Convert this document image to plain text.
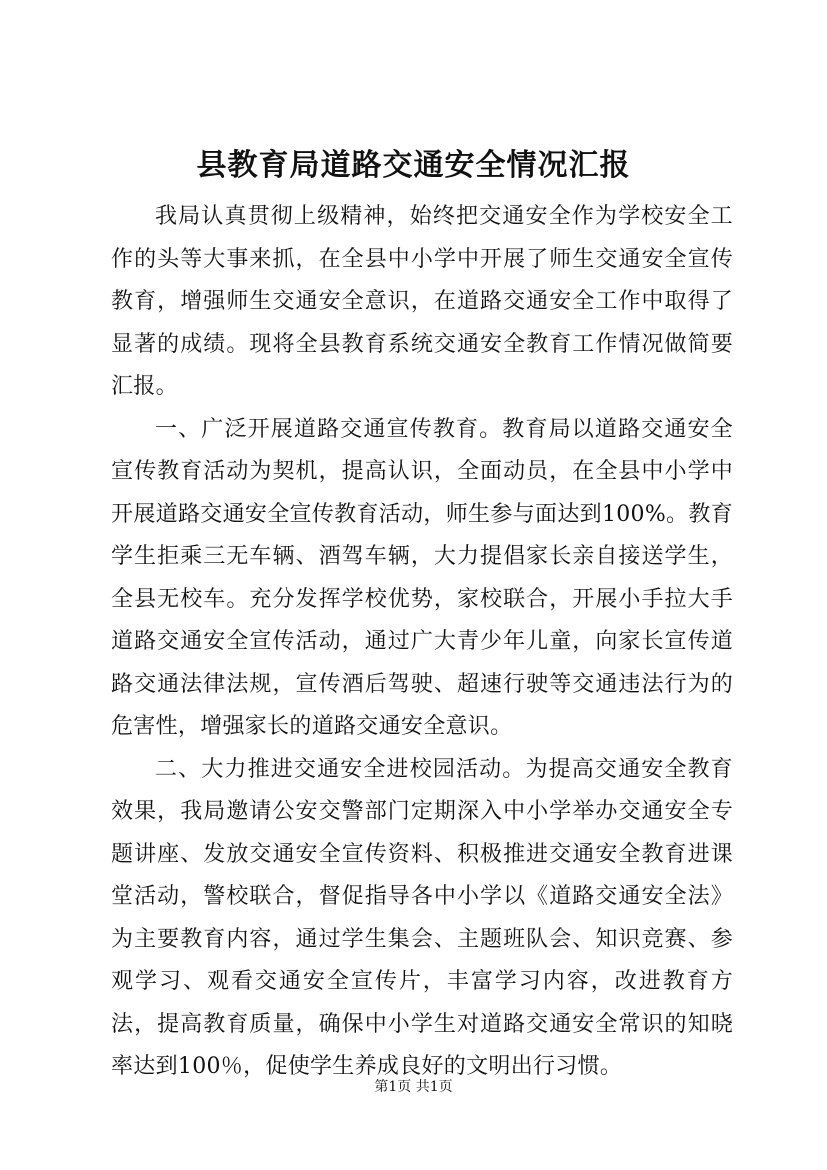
县教育局道路交通安全情况汇报

我局认真贯彻上级精神，始终把交通安全作为学校安全工作的头等大事来抓，在全县中小学中开展了师生交通安全宣传教育，增强师生交通安全意识，在道路交通安全工作中取得了显著的成绩。现将全县教育系统交通安全教育工作情况做简要汇报。

一、广泛开展道路交通宣传教育。教育局以道路交通安全宣传教育活动为契机，提高认识，全面动员，在全县中小学中开展道路交通安全宣传教育活动，师生参与面达到100%。教育学生拒乘三无车辆、酒驾车辆，大力提倡家长亲自接送学生，全县无校车。充分发挥学校优势，家校联合，开展小手拉大手道路交通安全宣传活动，通过广大青少年儿童，向家长宣传道路交通法律法规，宣传酒后驾驶、超速行驶等交通违法行为的危害性，增强家长的道路交通安全意识。

二、大力推进交通安全进校园活动。为提高交通安全教育效果，我局邀请公安交警部门定期深入中小学举办交通安全专题讲座、发放交通安全宣传资料、积极推进交通安全教育进课堂活动，警校联合，督促指导各中小学以《道路交通安全法》为主要教育内容，通过学生集会、主题班队会、知识竞赛、参观学习、观看交通安全宣传片，丰富学习内容，改进教育方法，提高教育质量，确保中小学生对道路交通安全常识的知晓率达到100％，促使学生养成良好的文明出行习惯。

第1页 共1页
